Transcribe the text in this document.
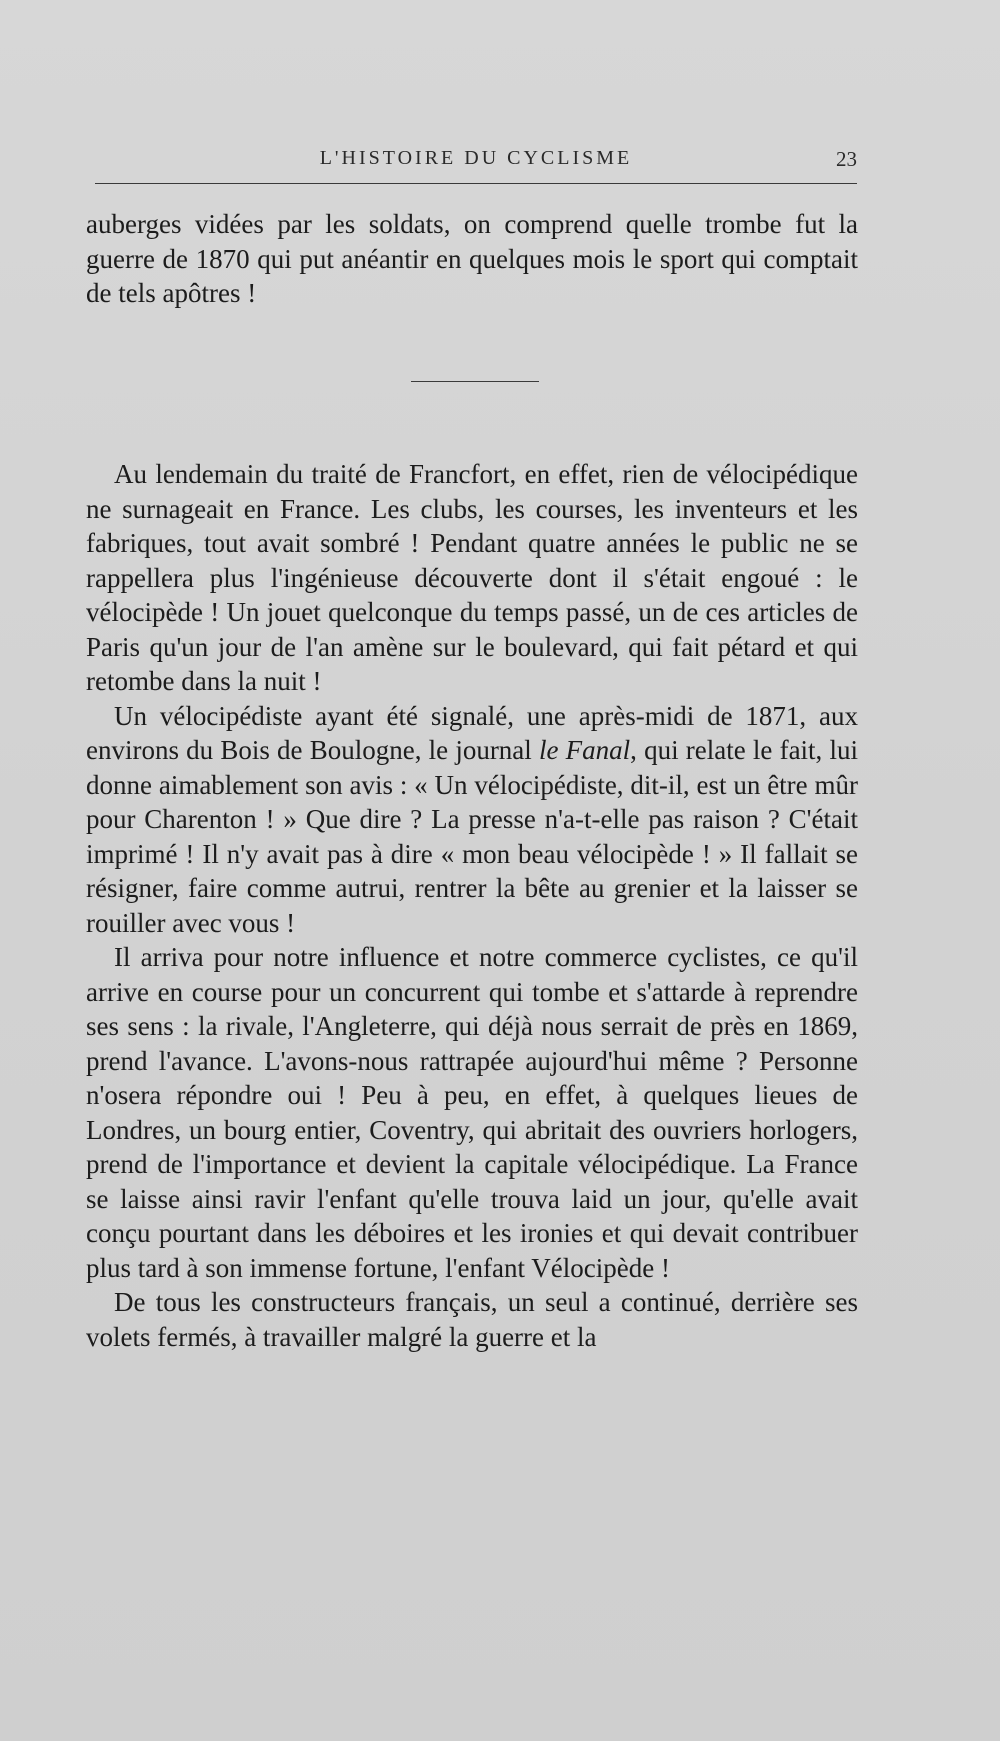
L'HISTOIRE DU CYCLISME	23

auberges vidées par les soldats, on comprend quelle trombe fut la guerre de 1870 qui put anéantir en quelques mois le sport qui comptait de tels apôtres !

Au lendemain du traité de Francfort, en effet, rien de vélocipédique ne surnageait en France. Les clubs, les courses, les inventeurs et les fabriques, tout avait sombré ! Pendant quatre années le public ne se rappellera plus l'ingénieuse découverte dont il s'était engoué : le vélocipède ! Un jouet quelconque du temps passé, un de ces articles de Paris qu'un jour de l'an amène sur le boulevard, qui fait pétard et qui retombe dans la nuit !

Un vélocipédiste ayant été signalé, une après-midi de 1871, aux environs du Bois de Boulogne, le journal le Fanal, qui relate le fait, lui donne aimablement son avis : « Un vélocipédiste, dit-il, est un être mûr pour Charenton ! » Que dire ? La presse n'a-t-elle pas raison ? C'était imprimé ! Il n'y avait pas à dire « mon beau vélocipède ! » Il fallait se résigner, faire comme autrui, rentrer la bête au grenier et la laisser se rouiller avec vous !

Il arriva pour notre influence et notre commerce cyclistes, ce qu'il arrive en course pour un concurrent qui tombe et s'attarde à reprendre ses sens : la rivale, l'Angleterre, qui déjà nous serrait de près en 1869, prend l'avance. L'avons-nous rattrapée aujourd'hui même ? Personne n'osera répondre oui ! Peu à peu, en effet, à quelques lieues de Londres, un bourg entier, Coventry, qui abritait des ouvriers horlogers, prend de l'importance et devient la capitale vélocipédique. La France se laisse ainsi ravir l'enfant qu'elle trouva laid un jour, qu'elle avait conçu pourtant dans les déboires et les ironies et qui devait contribuer plus tard à son immense fortune, l'enfant Vélocipède !

De tous les constructeurs français, un seul a continué, derrière ses volets fermés, à travailler malgré la guerre et la
